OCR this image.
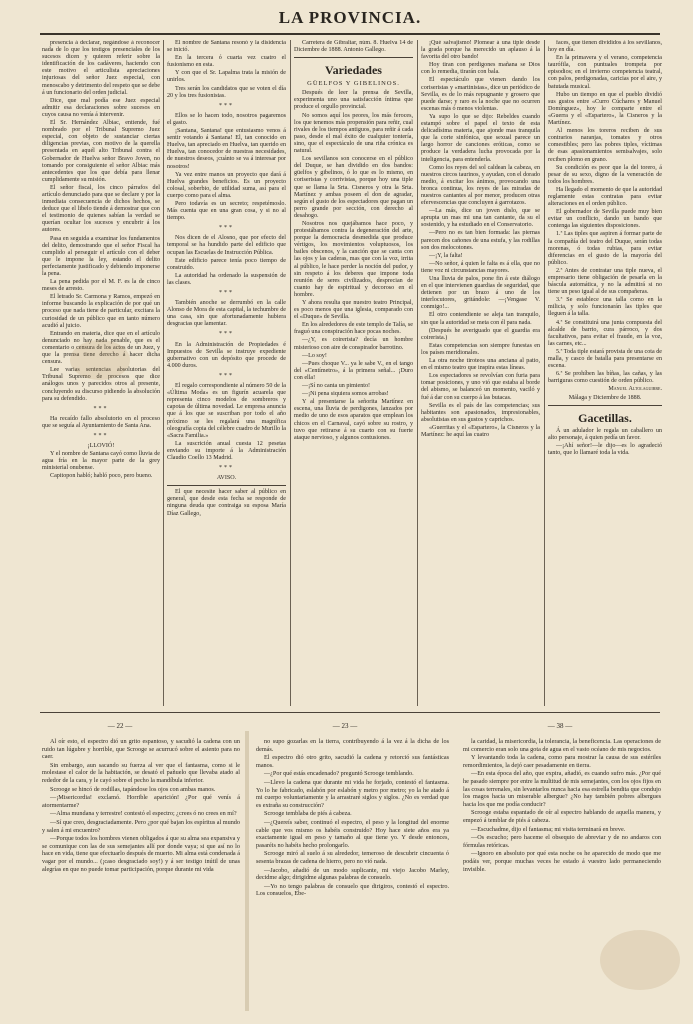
LA PROVINCIA.

presencia á declarar, negándose á reconocer nada de lo que los testigos presenciales de los sucesos dicen y quieren referir sobre la identificación de los cadáveres, haciendo con este motivo el articulista apreciaciones injuriosas del señor Juez especial, con menoscabo y detrimento del respeto que se debe á un funcionario del orden judicial.

Dice, que mal podía ese Juez especial admitir esa declaraciones sobre sucesos en cuyos causa no venía á intervenir.

El Sr. Hernández Albiac, entiende, fué nombrado por el Tribunal Supremo Juez especial, con objeto de sustanciar ciertas diligencias previas, con motivo de la querella presentada en aquél alto Tribunal contra el Gobernador de Huelva señor Bravo Joven, no tomando por consiguiente el señor Albiac más antecedentes que los que debía para llenar cumplidamente su misión.

El señor fiscal, los cinco párrafos del artículo denunciado para que se declare y por la inmediata consecuencia de dichos hechos, se deduce que el libelo tiende á demostrar que con el testimonio de quienes sabían la verdad se querían ocultar los sucesos y encubrir á los autores.

Pasa en seguida a examinar los fundamentos del delito, demostrando que el señor Fiscal ha cumplido al perseguir el artículo con el deber que le impone la ley, estando el delito perfectamente justificado y debiendo imponerse la pena.

La pena pedida por el M. F. es la de cinco meses de arresto.

El letrado Sr. Carmona y Ramos, empezó en informe buscando la explicación de por qué un proceso que nada tiene de particular, excitara la curiosidad de un público que en tanto número acudió al juicio.

Entrando en materia, dice que en el artículo denunciado no hay nada penable, que es el comentario o censura de los actos de un Juez, y que la prensa tiene derecho á hacer dicha censura.

Lee varias sentencias absolutorias del Tribunal Supremo de procesos que dice análogos unos y parecidos otros al presente, concluyendo su discurso pidiendo la absolución para su defendido.

***

Ha recaído fallo absolutorio en el proceso que se seguía al Ayuntamiento de Santa Ana.

***

¡LLOVIÓ!

Y el nombre de Santana cayó como lluvia de agua fría en la mayor parte de la grey ministerial onubense.

Capitopon habló; habló poco, pero bueno.

El nombre de Santana resonó y la disidencia se inició.

En la tercera ó cuarta vez cuatro el fusionismo en esta.

Y con que el Sr. Lapalma trata la misión de unirlos.

Tres serán los candidatos que se voten el día 20 y los tres fusionistas.

***

Ellos se lo hacen todo, nosotros pagaremos el gasto.

¡Santana, Santana! que entusiasmo venos á sentir votando á Santana! El, tan conocido en Huelva, tan apreciado en Huelva, tan querido en Huelva, tan conocedor de nuestras necesidades, de nuestros deseos, ¡cuánto se va á interesar por nosotros!

Ya vez entre manos un proyecto que dará á Huelva grandes beneficios. Es un proyecto colosal, soberbio, de utilidad suma, así para el cuerpo como para el alma.

Pero todavía es un secreto; respetémoslo. Más cuenta que en una gran cosa, y si no al tiempo.

***

Nos dicen de el Alosno, que por efecto del temporal se ha hundido parte del edificio que ocupan las Escuelas de Instrucción Pública.

Este edificio parece tenía poco tiempo de construido.

La autoridad ha ordenado la suspensión de las clases.

***

También anoche se derrumbó en la calle Alonso de Mora de esta capital, la techumbre de una casa, sin que afortunadamente hubiera desgracias que lamentar.

***

En la Administración de Propiedades é Impuestos de Sevilla se instruye expediente gubernativo con un depósito que procede de 4.000 duros.

***

El regalo correspondiente al número 50 de la «Última Moda» es un figurín acuarela que representa cinco modelos de sombreros y capotas de última novedad. Le empresa anuncia que á los que se suscriban por todo el año próximo se les regalará una magnífica oleografía copia del célebre cuadro de Murillo la «Sacra Familia.»

La suscrición anual cuesta 12 pesetas enviando su importe á la Administración Claudio Coello 13 Madrid.

***

AVISO.

El que necesite hacer saber al público en general, que desde esta fecha se responde de ninguna deuda que contraiga su esposa María Díaz Gallego,

Carretera de Gibraltar, núm. 8. Huelva 14 de Diciembre de 1888. Antonio Gallego.

Variedades

GÜELFOS Y GIBELINOS.

Después de leer la prensa de Sevilla, experimenta uno una satisfacción íntima que produce el orgullo provincial.

No somos aquí los peores, los más feroces, los que tenemos más propensión para reñir, cual rivales de los tiempos antiguos, para reñir á cada paso, desde el mal éxito de cualquier tontería, sino, que el espectáculo de una riña crónica es natural.

Los sevillanos son conocerse en el público del Duque, se han dividido en dos bandos: güelfos y gibelinos, ó lo que es lo mismo, en coriseristas y corrivistas, porque hoy una tiple que se llama la Srta. Cisneros y otra la Srta. Martínez y ambas poseen el don de agradar, según el gusto de los espectadores que pagan un perro grande por sección, con derecho al desahogo.

Nosotros nos quejábamos hace poco, y protestábamos contra la degeneración del arte, porque la democracia desmedida que produce vértigos, los movimientos voluptuosos, los bailes obscenos, y la canción que se canta con las ojos y las caderas, mas que con la voz, irrita al público, le hace perder la noción del pudor, y sin respeto á los deberes que impone toda reunión de seres civilizados, desprecian de cuanto hay de espiritual y decoroso en el hombre.

Y ahora resulta que nuestro teatro Principal, es poco menos que una iglesia, comparado con el «Duque» de Sevilla.

En los alrededores de este templo de Talía, se fraguó una conspiración hace pocas noches.

—¿Y, es coirerista? decía un hombre misterioso con aire de conspirador barrotino.

—Lo soy!

—Pues choque V... ya le sabe V., en el tango del «Centímetro», á la primera señal... ¡Duro con ella!

—¡Sí no canta un pimiento!

—¡Ni pena siquiera somos arrobas!

Y al presentarse la señorita Martínez en escena, una lluvia de perdigones, lanzados por medio de uno de esos aparatos que emplean los chicos en el Carnaval, cayó sobre su rostro, y tuvo que retirarse á su cuarto con su fuerte ataque nervioso, y algunos contusiones.

¡Qué salvajismo! Plomear á una tiple desde la grada porque ha merecido un aplauso á la favorita del otro bando!

Hoy tiran con perdigones mañana se Dios con lo remedia, tirarán con bala.

El espectáculo que vienen dando los coriseristas y «martinistas», dice un periódico de Sevilla, es de lo más repugnante y grosero que puede darse; y raro es la noche que no ocurren escenas más ó menos violentas.

Ya supo lo que se dijo: Rebeldes cuando estampó sobre el papel el texto de esta delicadísima materia, que ajonde mas tranquila que la corte sinfónica, que sexual parece un largo horror de canciones eróticas, como se produce la verdadera lucha provocada por la inteligencia, para entenderla.

Como los reyes del sol caldean la cabeza, en nuestros circos taurinos, y ayudan, con el dorado medio, á excitar los ánimos, provocando una bronca continua, los reyes de las miradas de nuestros cantantes al por menor, producen otras efervescencias que concluyen á garrotazos.

—La más, dice un joven dislo, que se aprupta un mas mi una tan cantante, da su el sostenido, y ha estudiado en el Conservatorio.

—Pero no es tan bien formada: las piernas parecen dos cañones de una estufa, y las rodillas son dos melocotones.

—¡Y, la falta!

—No señor, á quien le falta es á ella, que no tiene voz ni circunstancias mayores.

Una lluvia de palos, pone fin á este diálogo en el que intervienen guardias de seguridad, que detienen por un brazo á uno de los interlocutores, gritándole: —¡Vengase V. conmigo!...

El otro contendiente se aleja tan tranquilo, sin que la autoridad se meta con él para nada.

(Después he averiguado que el guardia era coirerista.)

Estas competencias son siempre funestas en los países meridionales.

La otra noche tiroteos una anciana al patio, en el mismo teatro que inspira estas líneas.

Los espectadores se revolvían con furia para tomar posiciones, y uno vió que estaba al borde del abismo, se balanceó un momento, vaciló y fué á dar con su cuerpo á las butacas.

Sevilla es el país de las competencias; sus habitantes son apasionados, impresionables, absolutistas en sus gustos y caprichos.

«Guerritas y el «Espartero», la Cisneros y la Martínez: he aquí las cuatro

faces, que tienen divididos á los sevillanos, hoy en día.

En la primavera y el verano, competencia taurófila, con puntuales trompeta por episodios; en el invierno competencia teatral, con palos, perdigonadas, caricias por el aire, y batutada musical.

Hubo un tiempo en que el pueblo dividió sus gustos entre «Curro Cúchares y Manuel Domínguez», hoy le comparte entre el «Guerra y el «Espartero», la Cisneros y la Martínez.

Al menos los toreros reciben de sus contrarios naranjas, tomates y otros comestibles; pero las pobres tiples, víctimas de esas apasionamientos semisalvajes, solo reciben plomo en grano.

Su condición es peor que la del torero, á pesar de su sexo, digno de la veneración de todos los hombres.

Ha llegado el momento de que la autoridad reglamente estas contratas para evitar alteraciones en el orden público.

El gobernador de Sevilla puede muy bien evitar un conflicto, dando un bando que contenga las siguientes disposiciones.

1.ª Las tiples que aspiren á formar parte de la compañía del teatro del Duque, serán todas morenas, ó todas rubias, para evitar diferencias en el gusto de la mayoría del público.

2.ª Antes de contratar una tiple nueva, el empresario tiene obligación de pesarla en la báscula automática, y no la admitirá si no tiene un peso igual al de sus compañeras.

3.ª Se establece una talla como en la milicia, y solo funcionarán las tiples que lleguen á la talla.

4.ª Se constituirá una junta compuesta del alcalde de barrio, cura párroco, y dos facultativos, para evitar el fraude, en la voz, las carnes, etc...

5.ª Toda tiple estará provista de una cota de malla, y casco de batalla para presentarse en escena.

6.ª Se prohíben las bíñas, las cañas, y las barriguras como cuestión de orden público.

Manuel Altolaguirre.

Málaga y Diciembre de 1888.

Gacetillas.

Á un adulador le regala un caballero un alto personaje, á quien pedía un favor.

—¡Ahí señor!—le dijo—es lo agradeció tanto, que lo llamaré toda la vida.

— 22 —	— 23 —	— 38 —

Al oír esto, el espectro dió un grito espantoso, y sacudió la cadena con un ruido tan lúgubre y horrible, que Scrooge se acurrucó sobre el asiento para no caer.

Sin embargo, aun sacando su fuerza al ver que el fantasma, como si le molestase el calor de la habitación, se desató el pañuelo que llevaba atado al rededor de la cara, y le cayó sobre el pecho la mandíbula inferior.

Scrooge se hincó de rodillas, tapándose los ojos con ambas manos.

—¡Misericordia! exclamó. Horrible aparición! ¿Por qué venís á atormentarme?

—Alma mundana y terrestre! contestó el espectro; ¿crees ó no crees en mí?

—Sí que creo, desgraciadamente. Pero ¿por qué bajan los espíritus al mundo y salen á mi encuentro?

—Porque todos los hombres vienen obligados á que su alma sea expansiva y se comunique con las de sus semejantes allí por donde vaya; si que así no lo hace en vida, tiene que efectuarlo después de muerto. Mi alma está condenada á vagar por el mundo... (¡caso desgraciado soy!) y á ser testigo inútil de unas alegrías en que no puede tomar participación, porque durante mi vida

no supo gozarlas en la tierra, contribuyendo á la vez á la dicha de los demás.

El espectro dió otro grito, sacudió la cadena y retorció sus fantásticas manos.

—¿Por qué estás encadenado? preguntó Scrooge temblando.

—Llevo la cadena que durante mi vida he forjado, contestó el fantasma. Yo lo he fabricado, eslabón por eslabón y metro por metro; yo la he atado á mi cuerpo voluntariamente y la arrastraré siglos y siglos. ¿No es verdad que es extraña su construcción?

Scrooge temblaba de piés á cabeza.

—¿Quereís saber, continuó el espectro, el peso y la longitud del enorme cable que vos mismo os habéis construido? Hoy hace siete años era ya exactamente igual en peso y tamaño al que tiene yo. Y desde entonces, pasaréis no habéis hecho prolongarlo.

Scrooge miró al suelo á su alrededor, temeroso de descubrir cincuenta ó sesenta brazas de cadena de hierro, pero no vió nada.

—Jacobo, añadió de un modo suplicante, mi viejo Jacobo Marley, decidme algo; dirigidme algunas palabras de consuelo.

—Yo no tengo palabras de consuelo que dirigiros, contestó el espectro. Los consuelos, Ebe-

la caridad, la misericordia, la tolerancia, la beneficencia. Las operaciones de mi comercio eran solo una gota de agua en el vasto océano de mis negocios.

Y levantando toda la cadena, como para mostrar la causa de sus estériles remordimientos, la dejó caer pesadamente en tierra.

—En esta época del año, que expira, añadió, es cuando sufro más. ¿Por qué he pasado siempre por entre la multitud de mis semejantes, con los ojos fijos en las cosas terrenales, sin levantarlos nunca hacia esa estrella bendita que condujo los magos hacia un miserable albergue? ¿No hay también pobres albergues hacia los que me podía conducir?

Scrooge estaba espantado de oír al espectro hablando de aquella manera, y empezó á temblar de piés á cabeza.

—Escuchadme, dijo el fantasma; mi visita terminará en breve.

—Os escucho; pero haceme el obsequio de abreviar y de no andaros con fórmulas retóricas.

—Ignoro en absoluto por qué esta noche os he aparecido de modo que me podáis ver, porque muchas veces he estado á vuestro lado permaneciendo invisible.
